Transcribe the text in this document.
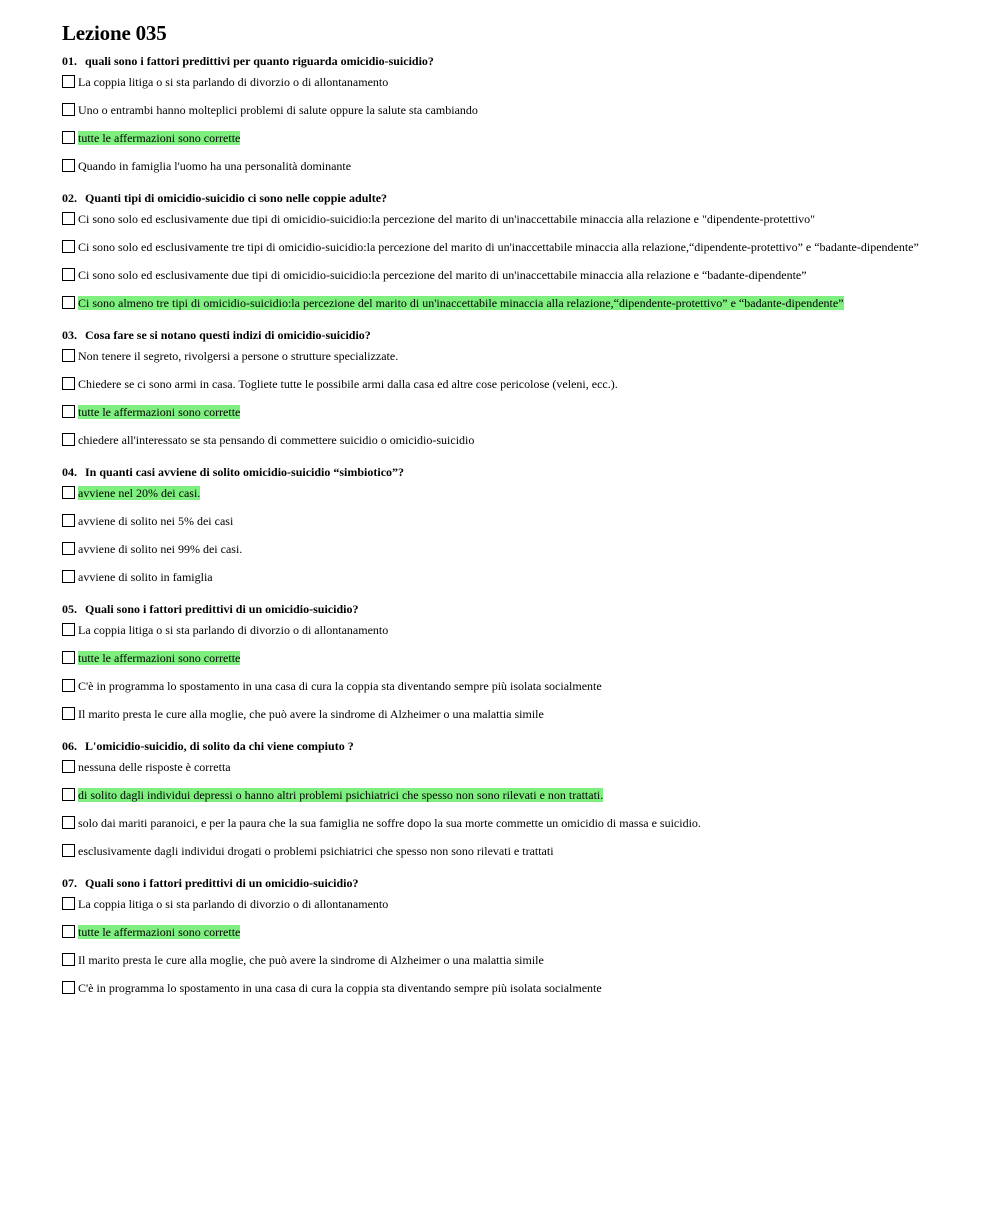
Lezione 035
01. quali sono i fattori predittivi per quanto riguarda omicidio-suicidio?
La coppia litiga o si sta parlando di divorzio o di allontanamento
Uno o entrambi hanno molteplici problemi di salute oppure la salute sta cambiando
tutte le affermazioni sono corrette
Quando in famiglia l'uomo ha una personalità dominante
02. Quanti tipi di omicidio-suicidio ci sono nelle coppie adulte?
Ci sono solo ed esclusivamente due tipi di omicidio-suicidio:la percezione del marito di un'inaccettabile minaccia alla relazione e "dipendente-protettivo"
Ci sono solo ed esclusivamente tre tipi di omicidio-suicidio:la percezione del marito di un'inaccettabile minaccia alla relazione,“dipendente-protettivo” e “badante-dipendente”
Ci sono solo ed esclusivamente due tipi di omicidio-suicidio:la percezione del marito di un'inaccettabile minaccia alla relazione e “badante-dipendente”
Ci sono almeno tre tipi di omicidio-suicidio:la percezione del marito di un'inaccettabile minaccia alla relazione,“dipendente-protettivo” e “badante-dipendente”
03. Cosa fare se si notano questi indizi di omicidio-suicidio?
Non tenere il segreto, rivolgersi a persone o strutture specializzate.
Chiedere se ci sono armi in casa. Togliete tutte le possibile armi dalla casa ed altre cose pericolose (veleni, ecc.).
tutte le affermazioni sono corrette
chiedere all'interessato se sta pensando di commettere suicidio o omicidio-suicidio
04. In quanti casi avviene di solito omicidio-suicidio “simbiotico”?
avviene nel 20% dei casi.
avviene di solito nei 5% dei casi
avviene di solito nei 99% dei casi.
avviene di solito in famiglia
05. Quali sono i fattori predittivi di un omicidio-suicidio?
La coppia litiga o si sta parlando di divorzio o di allontanamento
tutte le affermazioni sono corrette
C'è in programma lo spostamento in una casa di cura la coppia sta diventando sempre più isolata socialmente
Il marito presta le cure alla moglie, che può avere la sindrome di Alzheimer o una malattia simile
06. L'omicidio-suicidio, di solito da chi viene compiuto ?
nessuna delle risposte è corretta
di solito dagli individui depressi o hanno altri problemi psichiatrici che spesso non sono rilevati e non trattati.
solo dai mariti paranoici, e per la paura che la sua famiglia ne soffre dopo la sua morte commette un omicidio di massa e suicidio.
esclusivamente dagli individui drogati o problemi psichiatrici che spesso non sono rilevati e trattati
07. Quali sono i fattori predittivi di un omicidio-suicidio?
La coppia litiga o si sta parlando di divorzio o di allontanamento
tutte le affermazioni sono corrette
Il marito presta le cure alla moglie, che può avere la sindrome di Alzheimer o una malattia simile
C'è in programma lo spostamento in una casa di cura la coppia sta diventando sempre più isolata socialmente
